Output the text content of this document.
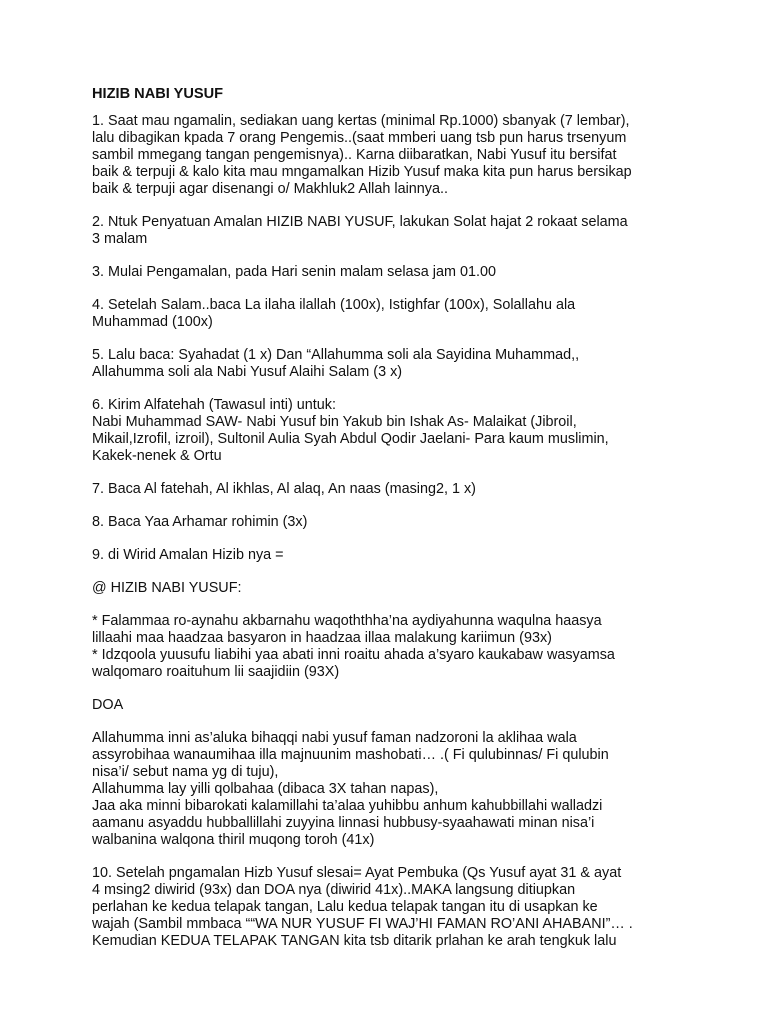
HIZIB NABI YUSUF
1. Saat mau ngamalin, sediakan uang kertas (minimal Rp.1000) sbanyak (7 lembar),
lalu dibagikan kpada 7 orang Pengemis..(saat mmberi uang tsb pun harus trsenyum
sambil mmegang tangan pengemisnya).. Karna diibaratkan, Nabi Yusuf itu bersifat
baik & terpuji & kalo kita mau mngamalkan Hizib Yusuf maka kita pun harus bersikap
baik & terpuji agar disenangi o/ Makhluk2 Allah lainnya..
2. Ntuk Penyatuan Amalan HIZIB NABI YUSUF, lakukan Solat hajat 2 rokaat selama
3 malam
3. Mulai Pengamalan, pada Hari senin malam selasa jam 01.00
4. Setelah Salam..baca La ilaha ilallah (100x), Istighfar (100x), Solallahu ala
Muhammad (100x)
5. Lalu baca: Syahadat (1 x) Dan “Allahumma soli ala Sayidina Muhammad,,
Allahumma soli ala Nabi Yusuf Alaihi Salam (3 x)
6. Kirim Alfatehah (Tawasul inti) untuk:
Nabi Muhammad SAW- Nabi Yusuf bin Yakub bin Ishak As- Malaikat (Jibroil,
Mikail,Izrofil, izroil), Sultonil Aulia Syah Abdul Qodir Jaelani- Para kaum muslimin,
Kakek-nenek & Ortu
7. Baca Al fatehah, Al ikhlas, Al alaq, An naas (masing2, 1 x)
8. Baca Yaa Arhamar rohimin (3x)
9. di Wirid Amalan Hizib nya =
@ HIZIB NABI YUSUF:
* Falammaa ro-aynahu akbarnahu waqoththha’na aydiyahunna waqulna haasya
lillaahi maa haadzaa basyaron in haadzaa illaa malakung kariimun (93x)
* Idzqoola yuusufu liabihi yaa abati inni roaitu ahada a’syaro kaukabaw wasyamsa
walqomaro roaituhum lii saajidiin (93X)
DOA
Allahumma inni as’aluka bihaqqi nabi yusuf faman nadzoroni la aklihaa wala
assyrobihaa wanaumihaa illa majnuunim mashobati… .( Fi qulubinnas/ Fi qulubin
nisa’i/ sebut nama yg di tuju),
Allahumma lay yilli qolbahaa (dibaca 3X tahan napas),
Jaa aka minni bibarokati kalamillahi ta’alaa yuhibbu anhum kahubbillahi walladzi
aamanu asyaddu hubballillahi zuyyina linnasi hubbusy-syaahawati minan nisa’i
walbanina walqona thiril muqong toroh (41x)
10. Setelah pngamalan Hizb Yusuf slesai= Ayat Pembuka (Qs Yusuf ayat 31 & ayat
4 msing2 diwirid (93x) dan DOA nya (diwirid 41x)..MAKA langsung ditiupkan
perlahan ke kedua telapak tangan, Lalu kedua telapak tangan itu di usapkan ke
wajah (Sambil mmbaca ““WA NUR YUSUF FI WAJ’HI FAMAN RO’ANI AHABANI”… .
Kemudian KEDUA TELAPAK TANGAN kita tsb ditarik prlahan ke arah tengkuk lalu
